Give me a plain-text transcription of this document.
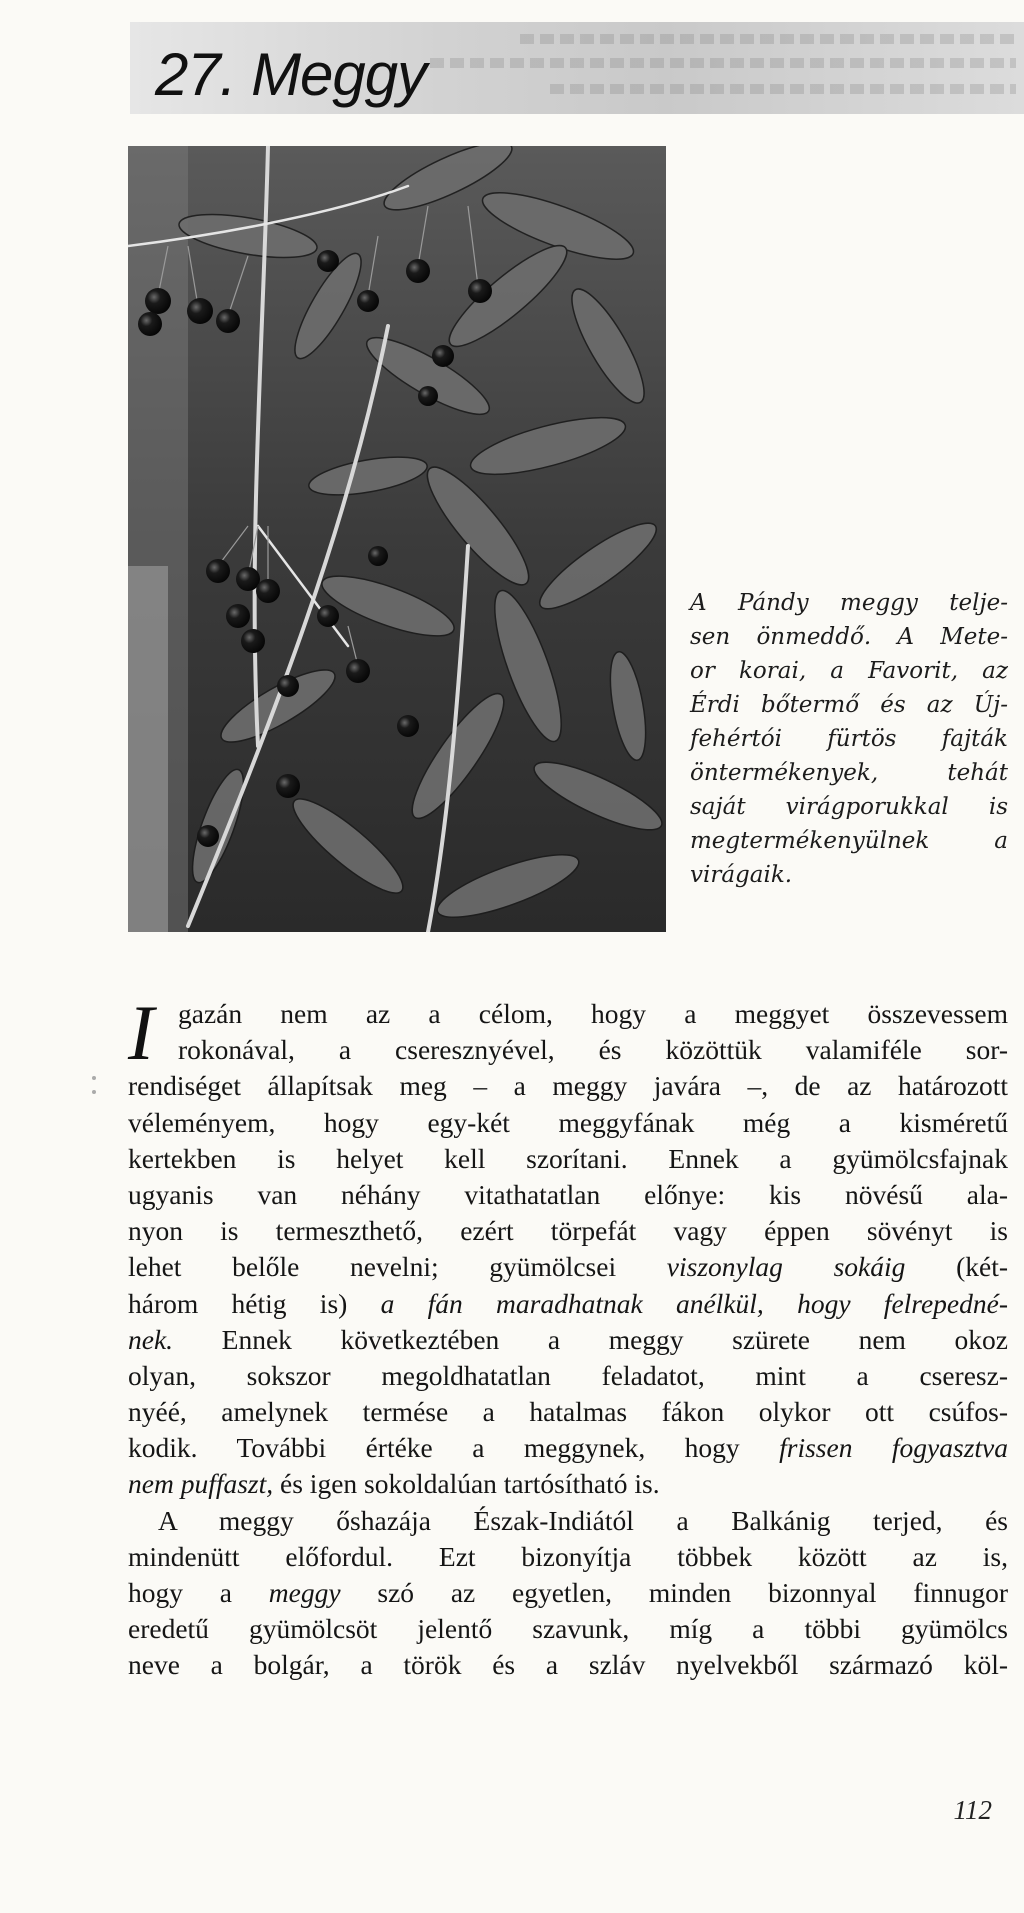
27. Meggy
A Pándy meggy telje-
sen önmeddő. A Mete-
or korai, a Favorit, az
Érdi bőtermő és az Új-
fehértói fürtös fajták
öntermékenyek, tehát
saját virágporukkal is
megtermékenyülnek a
virágaik.
I gazán nem az a célom, hogy a meggyet összevessem
rokonával, a cseresznyével, és közöttük valamiféle sor-
rendiséget állapítsak meg – a meggy javára –, de az határozott
véleményem, hogy egy-két meggyfának még a kisméretű
kertekben is helyet kell szorítani. Ennek a gyümölcsfajnak
ugyanis van néhány vitathatatlan előnye: kis növésű ala-
nyon is termeszthető, ezért törpefát vagy éppen sövényt is
lehet belőle nevelni; gyümölcsei viszonylag sokáig (két-
három hétig is) a fán maradhatnak anélkül, hogy felrepedné-
nek. Ennek következtében a meggy szürete nem okoz
olyan, sokszor megoldhatatlan feladatot, mint a cseresz-
nyéé, amelynek termése a hatalmas fákon olykor ott csúfos-
kodik. További értéke a meggynek, hogy frissen fogyasztva
nem puffaszt, és igen sokoldalúan tartósítható is.
A meggy őshazája Észak-Indiától a Balkánig terjed, és
mindenütt előfordul. Ezt bizonyítja többek között az is,
hogy a meggy szó az egyetlen, minden bizonnyal finnugor
eredetű gyümölcsöt jelentő szavunk, míg a többi gyümölcs
neve a bolgár, a török és a szláv nyelvekből származó köl-
112
